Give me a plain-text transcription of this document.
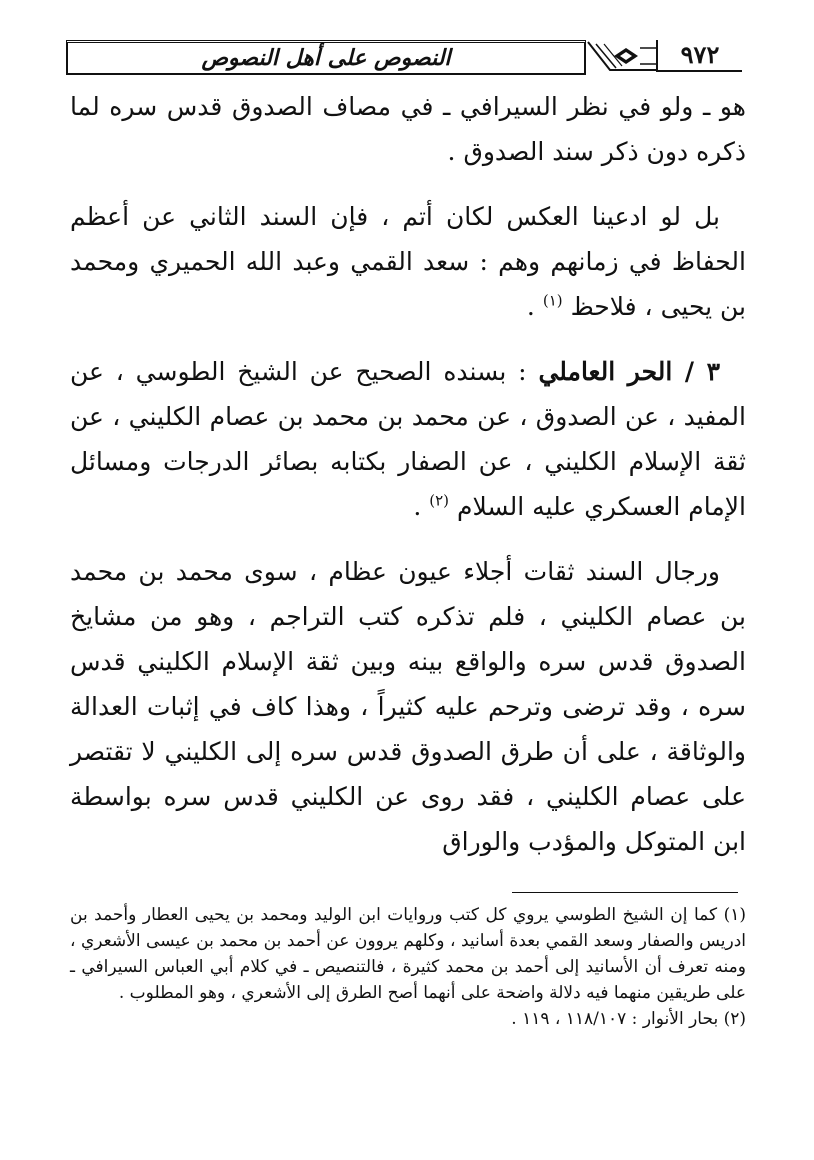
٩٧٢
النصوص على أهل النصوص

هو ـ ولو في نظر السيرافي ـ في مصاف الصدوق قدس سره لما ذكره دون ذكر سند الصدوق .

بل لو ادعينا العكس لكان أتم ، فإن السند الثاني عن أعظم الحفاظ في زمانهم وهم : سعد القمي وعبد الله الحميري ومحمد بن يحيى ، فلاحظ $^{(١)}$ .

٣ / الحر العاملي : بسنده الصحيح عن الشيخ الطوسي ، عن المفيد ، عن الصدوق ، عن محمد بن محمد بن عصام الكليني ، عن ثقة الإسلام الكليني ، عن الصفار بكتابه بصائر الدرجات ومسائل الإمام العسكري عليه السلام $^{(٢)}$ .

ورجال السند ثقات أجلاء عيون عظام ، سوى محمد بن محمد بن عصام الكليني ، فلم تذكره كتب التراجم ، وهو من مشايخ الصدوق قدس سره والواقع بينه وبين ثقة الإسلام الكليني قدس سره ، وقد ترضى وترحم عليه كثيراً ، وهذا كاف في إثبات العدالة والوثاقة ، على أن طرق الصدوق قدس سره إلى الكليني لا تقتصر على عصام الكليني ، فقد روى عن الكليني قدس سره بواسطة ابن المتوكل والمؤدب والوراق

(١) كما إن الشيخ الطوسي يروي كل كتب وروايات ابن الوليد ومحمد بن يحيى العطار وأحمد بن ادريس والصفار وسعد القمي بعدة أسانيد ، وكلهم يروون عن أحمد بن محمد بن عيسى الأشعري ، ومنه تعرف أن الأسانيد إلى أحمد بن محمد كثيرة ، فالتنصيص ـ في كلام أبي العباس السيرافي ـ على طريقين منهما فيه دلالة واضحة على أنهما أصح الطرق إلى الأشعري ، وهو المطلوب .

(٢) بحار الأنوار : ١١٨/١٠٧ ، ١١٩ .
